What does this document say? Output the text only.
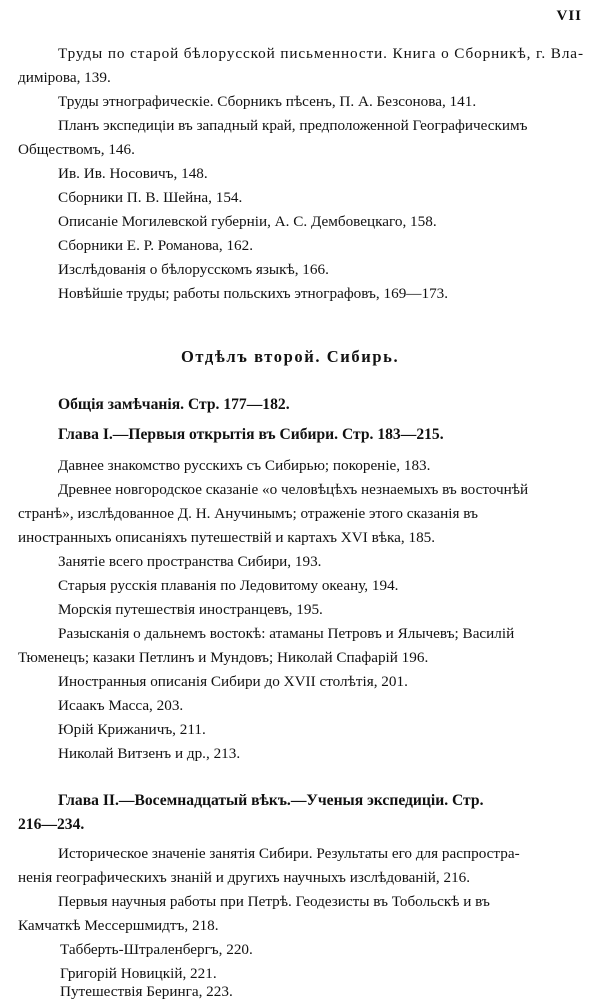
VII
Труды по старой бѣлорусской письменности. Книга о Сборникѣ, г. Вла-
димірова, 139.
Труды этнографическіе. Сборникъ пѣсенъ, П. А. Безсонова, 141.
Планъ экспедиціи въ западный край, предположенной Географическимъ
Обществомъ, 146.
Ив. Ив. Носовичъ, 148.
Сборники П. В. Шейна, 154.
Описаніе Могилевской губерніи, А. С. Дембовецкаго, 158.
Сборники Е. Р. Романова, 162.
Изслѣдованія о бѣлорусскомъ языкѣ, 166.
Новѣйшіе труды; работы польскихъ этнографовъ, 169—173.
Отдѣлъ второй. Сибирь.
Общія замѣчанія. Стр. 177—182.
Глава I.—Первыя открытія въ Сибири. Стр. 183—215.
Давнее знакомство русскихъ съ Сибирью; покореніе, 183.
Древнее новгородское сказаніе «о человѣцѣхъ незнаемыхъ въ восточнѣй
странѣ», изслѣдованное Д. Н. Анучинымъ; отраженіе этого сказанія въ
иностранныхъ описаніяхъ путешествій и картахъ XVI вѣка, 185.
Занятіе всего пространства Сибири, 193.
Старыя русскія плаванія по Ледовитому океану, 194.
Морскія путешествія иностранцевъ, 195.
Разысканія о дальнемъ востокѣ: атаманы Петровъ и Ялычевъ; Василій
Тюменецъ; казаки Петлинъ и Мундовъ; Николай Спафарій 196.
Иностранныя описанія Сибири до XVII столѣтія, 201.
Исаакъ Масса, 203.
Юрій Крижаничъ, 211.
Николай Витзенъ и др., 213.
Глава II.—Восемнадцатый вѣкъ.—Ученыя экспедиціи. Стр.
216—234.
Историческое значеніе занятія Сибири. Результаты его для распростра-
ненія географическихъ знаній и другихъ научныхъ изслѣдованій, 216.
Первыя научныя работы при Петрѣ. Геодезисты въ Тобольскѣ и въ
Камчаткѣ Мессершмидтъ, 218.
Табберть-Штраленбергъ, 220.
Григорій Новицкій, 221.
Путешествія Беринга, 223.
